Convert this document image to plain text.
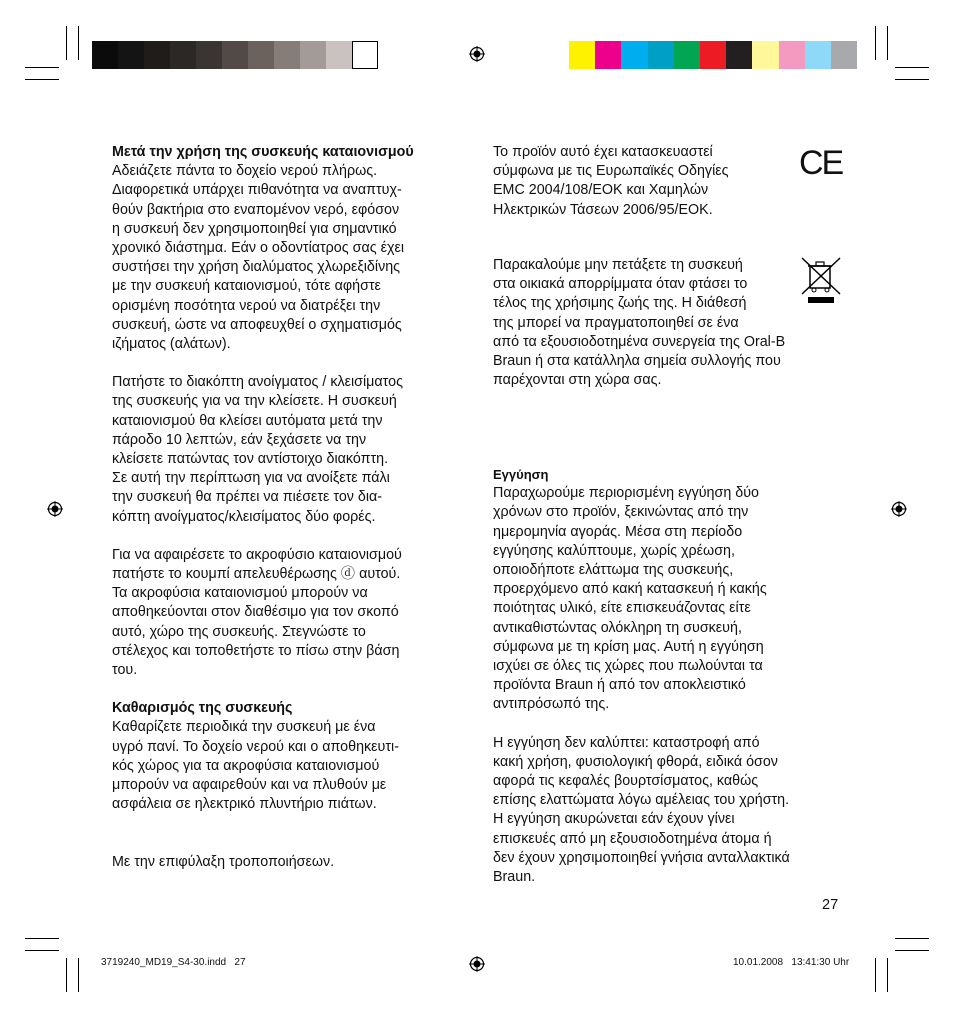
Μετά την χρήση της συσκευής καταιονισμού

Αδειάζετε πάντα το δοχείο νερού πλήρως.
Διαφορετικά υπάρχει πιθανότητα να αναπτυχ-
θούν βακτήρια στο εναπομένον νερό, εφόσον
η συσκευή δεν χρησιμοποιηθεί για σημαντικό
χρονικό διάστημα. Εάν ο οδοντίατρος σας έχει
συστήσει την χρήση διαλύματος χλωρεξιδίνης
με την συσκευή καταιονισμού, τότε αφήστε
ορισμένη ποσότητα νερού να διατρέξει την
συσκευή, ώστε να αποφευχθεί ο σχηματισμός
ιζήματος (αλάτων).

Πατήστε το διακόπτη ανοίγματος / κλεισίματος
της συσκευής για να την κλείσετε. Η συσκευή
καταιονισμού θα κλείσει αυτόματα μετά την
πάροδο 10 λεπτών, εάν ξεχάσετε να την
κλείσετε πατώντας τον αντίστοιχο διακόπτη.
Σε αυτή την περίπτωση για να ανοίξετε πάλι
την συσκευή θα πρέπει να πιέσετε τον δια-
κόπτη ανοίγματος/κλεισίματος δύο φορές.

Για να αφαιρέσετε το ακροφύσιο καταιονισμού
πατήστε το κουμπί απελευθέρωσης ⓓ αυτού.
Τα ακροφύσια καταιονισμού μπορούν να
αποθηκεύονται στον διαθέσιμο για τον σκοπό
αυτό, χώρο της συσκευής. Στεγνώστε το
στέλεχος και τοποθετήστε το πίσω στην βάση
του.

Καθαρισμός της συσκευής

Καθαρίζετε περιοδικά την συσκευή με ένα
υγρό πανί. Το δοχείο νερού και ο αποθηκευτι-
κός χώρος για τα ακροφύσια καταιονισμού
μπορούν να αφαιρεθούν και να πλυθούν με
ασφάλεια σε ηλεκτρικό πλυντήριο πιάτων.

Με την επιφύλαξη τροποποιήσεων.

Το προϊόν αυτό έχει κατασκευαστεί
σύμφωνα με τις Ευρωπαϊκές Οδηγίες
EMC 2004/108/ΕΟΚ και Χαμηλών
Ηλεκτρικών Τάσεων 2006/95/ΕΟΚ.

CE

Παρακαλούμε μην πετάξετε τη συσκευή
στα οικιακά απορρίμματα όταν φτάσει το
τέλος της χρήσιμης ζωής της. Η διάθεσή
της μπορεί να πραγματοποιηθεί σε ένα
από τα εξουσιοδοτημένα συνεργεία της Oral-B
Braun ή στα κατάλληλα σημεία συλλογής που
παρέχονται στη χώρα σας.

Εγγύηση

Παραχωρούμε περιορισμένη εγγύηση δύο
χρόνων στο προϊόν, ξεκινώντας από την
ημερομηνία αγοράς. Μέσα στη περίοδο
εγγύησης καλύπτουμε, χωρίς χρέωση,
οποιοδήποτε ελάττωμα της συσκευής,
προερχόμενο από κακή κατασκευή ή κακής
ποιότητας υλικό, είτε επισκευάζοντας είτε
αντικαθιστώντας ολόκληρη τη συσκευή,
σύμφωνα με τη κρίση μας. Αυτή η εγγύηση
ισχύει σε όλες τις χώρες που πωλούνται τα
προϊόντα Braun ή από τον αποκλειστικό
αντιπρόσωπό της.

Η εγγύηση δεν καλύπτει: καταστροφή από
κακή χρήση, φυσιολογική φθορά, ειδικά όσον
αφορά τις κεφαλές βουρτσίσματος, καθώς
επίσης ελαττώματα λόγω αμέλειας του χρήστη.
Η εγγύηση ακυρώνεται εάν έχουν γίνει
επισκευές από μη εξουσιοδοτημένα άτομα ή
δεν έχουν χρησιμοποιηθεί γνήσια ανταλλακτικά
Braun.

27
3719240_MD19_S4-30.indd   27	10.01.2008   13:41:30 Uhr
